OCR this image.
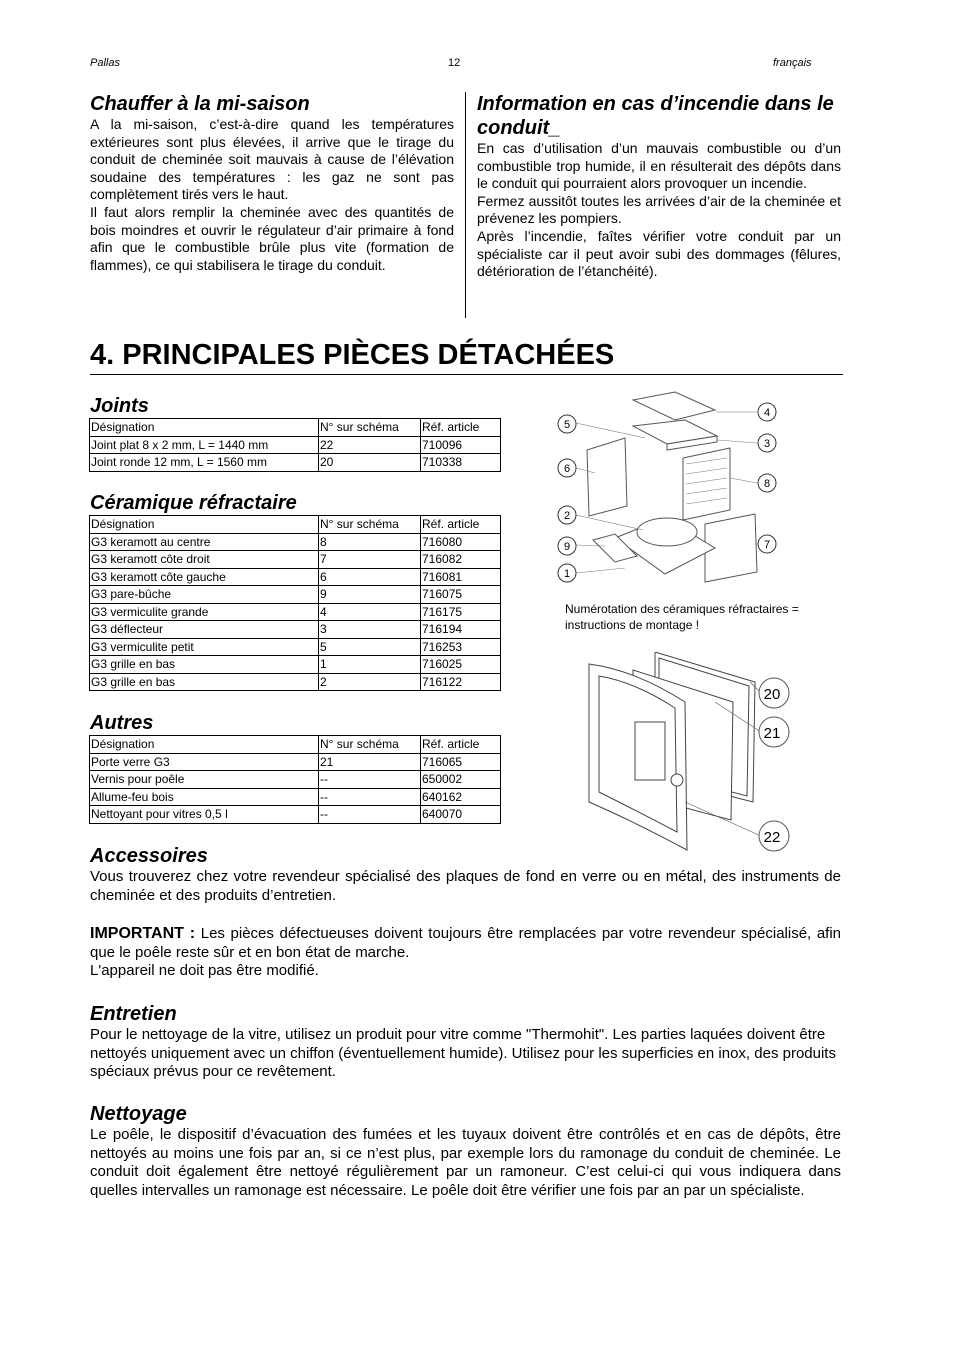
Pallas	12	français
Chauffer à la mi-saison

A la mi-saison, c’est-à-dire quand les températures extérieures sont plus élevées, il arrive que le tirage du conduit de cheminée soit mauvais à cause de l’élévation soudaine des températures : les gaz ne sont pas complètement tirés vers le haut.

Il faut alors remplir la cheminée avec des quantités de bois moindres et ouvrir le régulateur d’air primaire à fond afin que le combustible brûle plus vite (formation de flammes), ce qui stabilisera le tirage du conduit.

Information en cas d’incendie dans le conduit_

En cas d’utilisation d’un mauvais combustible ou d’un combustible trop humide, il en résulterait des dépôts dans le conduit qui pourraient alors provoquer un incendie.

Fermez aussitôt toutes les arrivées d’air de la cheminée et prévenez les pompiers.

Après l’incendie, faîtes vérifier votre conduit par un spécialiste car il peut avoir subi des dommages (fêlures, détérioration de l’étanchéité).

4. PRINCIPALES PIÈCES DÉTACHÉES
Joints
Désignation	N° sur schéma	Réf. article
Joint plat 8 x 2 mm, L = 1440 mm	22	710096
Joint ronde 12 mm, L = 1560 mm	20	710338
Céramique réfractaire
Désignation	N° sur schéma	Réf. article
G3 keramott au centre	8	716080
G3 keramott côte droit	7	716082
G3 keramott côte gauche	6	716081
G3 pare-bûche	9	716075
G3 vermiculite grande	4	716175
G3 déflecteur	3	716194
G3 vermiculite petit	5	716253
G3 grille en bas	1	716025
G3 grille en bas	2	716122
Autres
Désignation	N° sur schéma	Réf. article
Porte verre G3	21	716065
Vernis pour poêle	--	650002
Allume-feu bois	--	640162
Nettoyant pour vitres 0,5 l	--	640070
5
4
3
6
8
2
9	7
1
Numérotation des céramiques réfractaires =
instructions de montage !
20
21
22
Accessoires

Vous trouverez chez votre revendeur spécialisé des plaques de fond en verre ou en métal, des instruments de cheminée et des produits d’entretien.

IMPORTANT : Les pièces défectueuses doivent toujours être remplacées par votre revendeur spécialisé, afin que le poêle reste sûr et en bon état de marche.

L'appareil ne doit pas être modifié.

Entretien

Pour le nettoyage de la vitre, utilisez un produit pour vitre comme "Thermohit". Les parties laquées doivent être nettoyés uniquement avec un chiffon (éventuellement humide). Utilisez pour les superficies en inox, des produits spéciaux prévus pour ce revêtement.

Nettoyage

Le poêle, le dispositif d’évacuation des fumées et les tuyaux doivent être contrôlés et en cas de dépôts, être nettoyés au moins une fois par an, si ce n’est plus, par exemple lors du ramonage du conduit de cheminée. Le conduit doit également être nettoyé régulièrement par un ramoneur. C’est celui-ci qui vous indiquera dans quelles intervalles un ramonage est nécessaire. Le poêle doit être vérifier une fois par an par un spécialiste.
